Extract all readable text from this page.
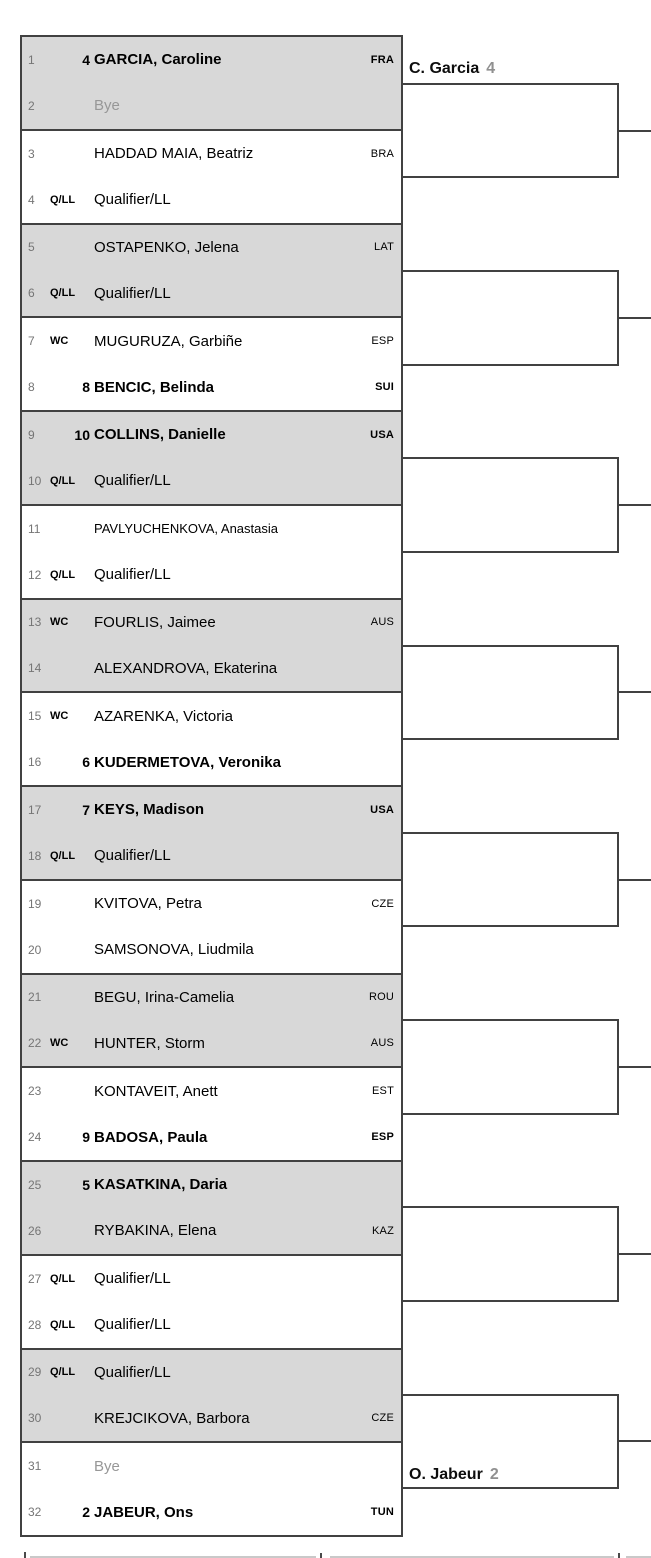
1	4 GARCIA, Caroline	FRA
2	Bye
3	HADDAD MAIA, Beatriz	BRA
4	Q/LL Qualifier/LL
5	OSTAPENKO, Jelena	LAT
6	Q/LL Qualifier/LL
7	WC MUGURUZA, Garbiñe	ESP
8	8 BENCIC, Belinda	SUI
9	10 COLLINS, Danielle	USA
10 Q/LL Qualifier/LL
11	PAVLYUCHENKOVA, Anastasia
12 Q/LL Qualifier/LL
13 WC FOURLIS, Jaimee	AUS
14	ALEXANDROVA, Ekaterina
15 WC AZARENKA, Victoria
16	6 KUDERMETOVA, Veronika
17	7 KEYS, Madison	USA
18 Q/LL Qualifier/LL
19	KVITOVA, Petra	CZE
20	SAMSONOVA, Liudmila
21	BEGU, Irina-Camelia	ROU
22 WC HUNTER, Storm	AUS
23	KONTAVEIT, Anett	EST
24	9 BADOSA, Paula	ESP
25	5 KASATKINA, Daria
26	RYBAKINA, Elena	KAZ
27 Q/LL Qualifier/LL
28 Q/LL Qualifier/LL
29 Q/LL Qualifier/LL
30	KREJCIKOVA, Barbora	CZE
31	Bye
32	2 JABEUR, Ons	TUN
C. Garcia 4
O. Jabeur 2
